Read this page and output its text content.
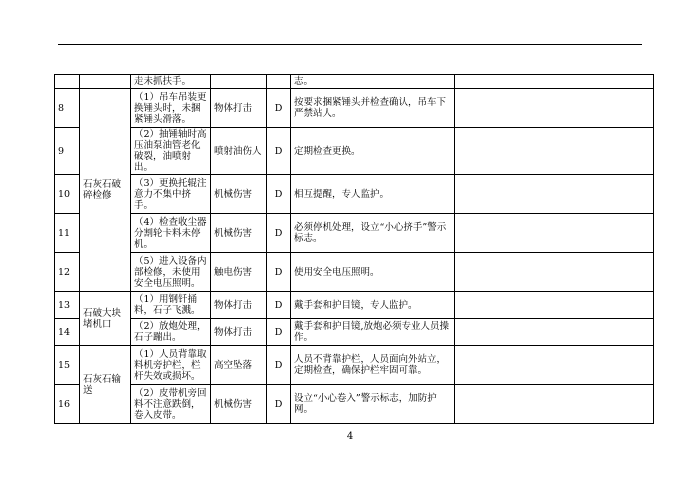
		走未抓扶手。			志。	
8	石灰石破碎检修	（1）吊车吊装更换锤头时，未捆紧锤头滑落。	物体打击	D	按要求捆紧锤头并检查确认，吊车下严禁站人。	
9		（2）抽锤轴时高压油泵油管老化破裂，油喷射出。	喷射油伤人	D	定期检查更换。	
10		（3）更换托辊注意力不集中挤手。	机械伤害	D	相互提醒，专人监护。	
11		（4）检查收尘器分割轮卡料未停机。	机械伤害	D	必须停机处理，设立“小心挤手”警示标志。	
12		（5）进入设备内部检修，未使用安全电压照明。	触电伤害	D	使用安全电压照明。	
13	石破大块堵机口	（1）用钢钎捅料，石子飞溅。	物体打击	D	戴手套和护目镜，专人监护。	
14		（2）放炮处理，石子蹦出。	物体打击	D	戴手套和护目镜,放炮必须专业人员操作。	
15	石灰石输送	（1）人员背靠取料机旁护栏，栏杆失效或损坏。	高空坠落	D	人员不背靠护栏，人员面向外站立，定期检查，确保护栏牢固可靠。	
16		（2）皮带机旁回料不注意跌倒，卷入皮带。	机械伤害	D	设立“小心卷入”警示标志，加防护网。	
4
